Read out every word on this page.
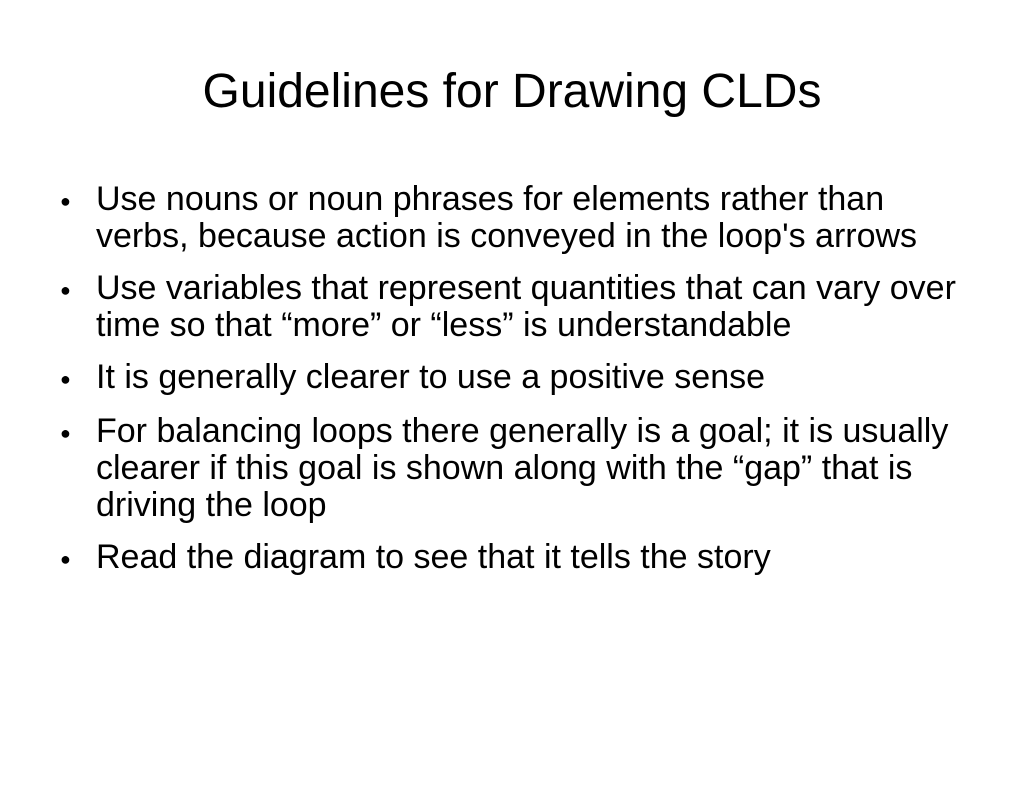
Guidelines for Drawing CLDs
● Use nouns or noun phrases for elements rather than verbs, because action is conveyed in the loop's arrows
● Use variables that represent quantities that can vary over time so that “more” or “less” is understandable
● It is generally clearer to use a positive sense
● For balancing loops there generally is a goal; it is usually clearer if this goal is shown along with the “gap” that is driving the loop
● Read the diagram to see that it tells the story
